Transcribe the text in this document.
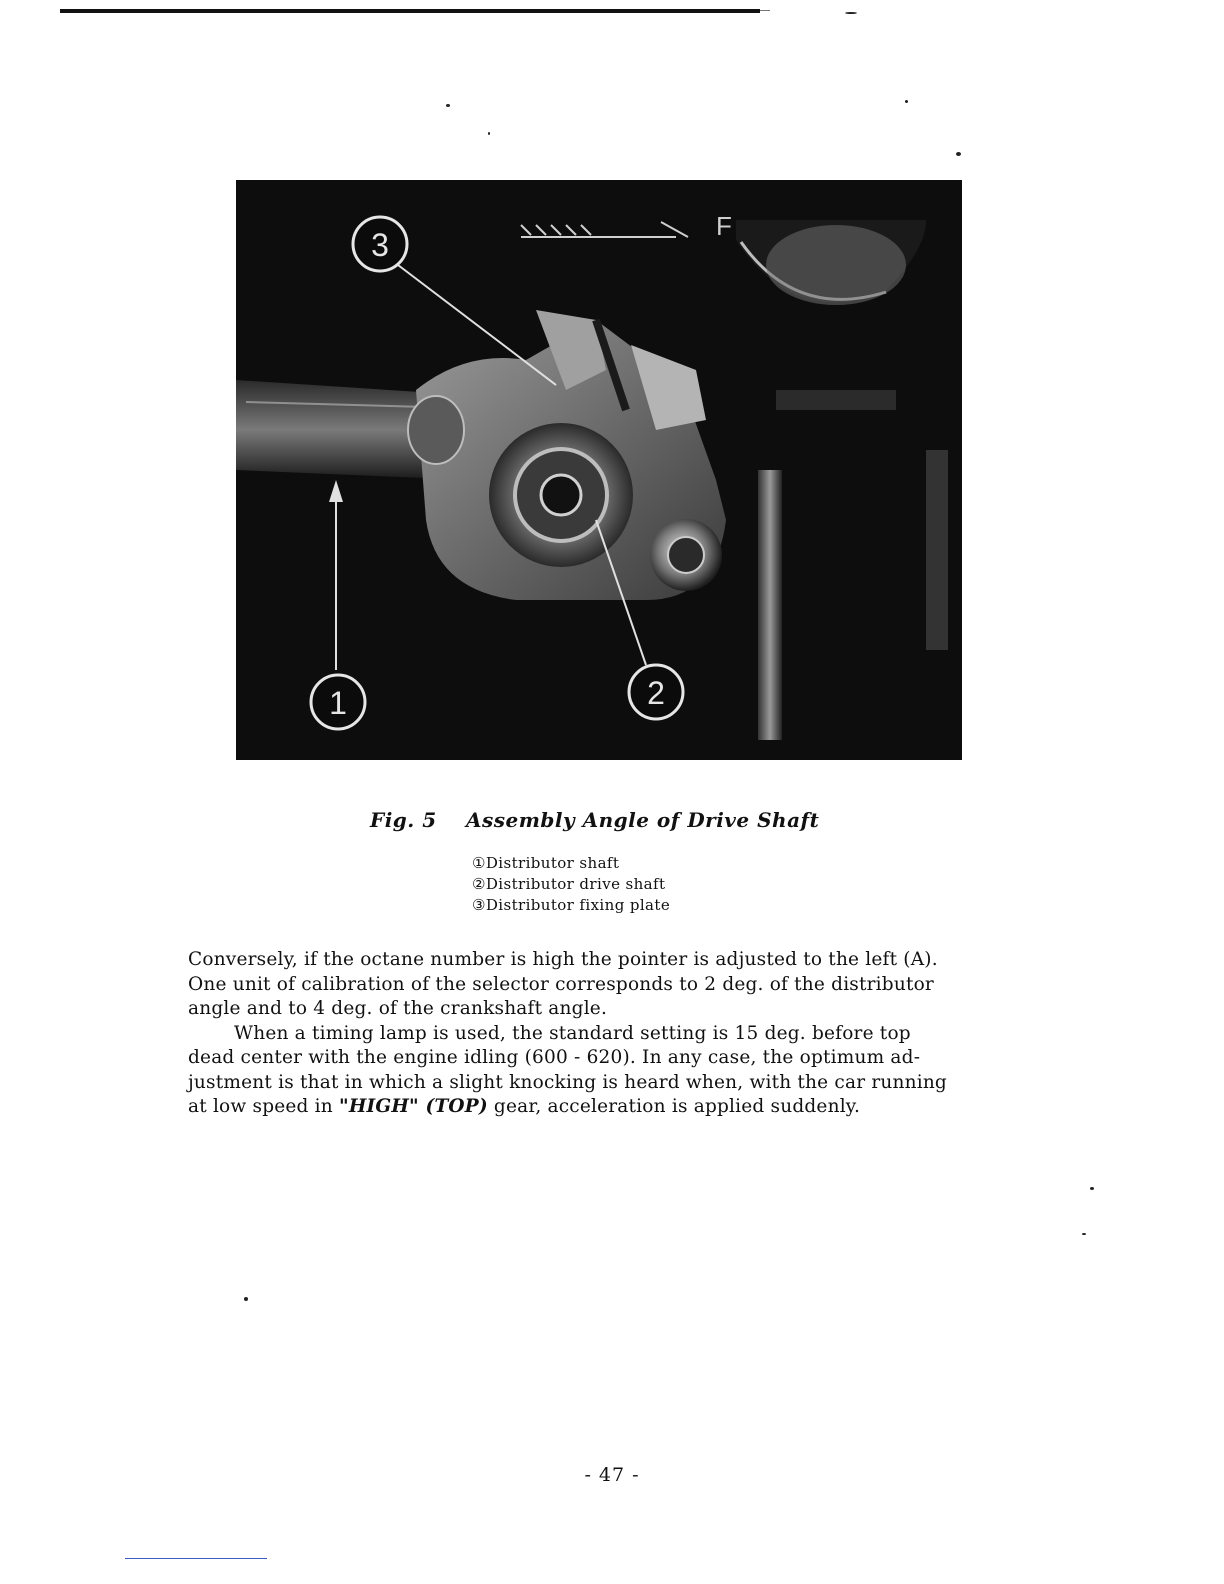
F
3
2
1
Fig. 5 Assembly Angle of Drive Shaft
①Distributor shaft
②Distributor drive shaft
③Distributor fixing plate

Conversely, if the octane number is high the pointer is adjusted to the left (A).
One unit of calibration of the selector corresponds to 2 deg. of the distributor
angle and to 4 deg. of the crankshaft angle.

When a timing lamp is used, the standard setting is 15 deg. before top
dead center with the engine idling (600 - 620). In any case, the optimum ad-
justment is that in which a slight knocking is heard when, with the car running
at low speed in "HIGH" (TOP) gear, acceleration is applied suddenly.

- 47 -
